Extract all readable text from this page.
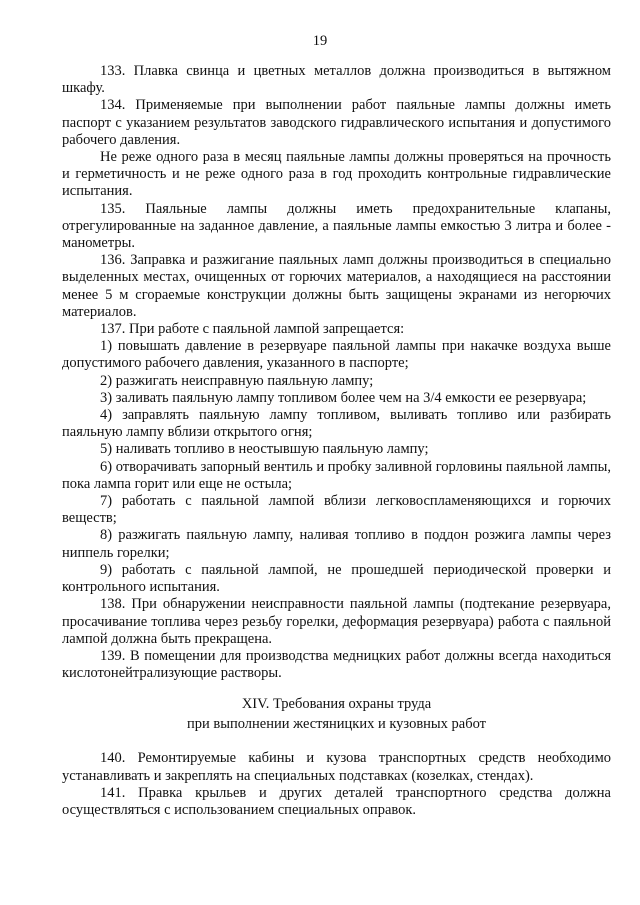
19

133. Плавка свинца и цветных металлов должна производиться в вытяжном шкафу.

134. Применяемые при выполнении работ паяльные лампы должны иметь паспорт с указанием результатов заводского гидравлического испытания и допустимого рабочего давления.

Не реже одного раза в месяц паяльные лампы должны проверяться на прочность и герметичность и не реже одного раза в год проходить контрольные гидравлические испытания.

135. Паяльные лампы должны иметь предохранительные клапаны, отрегулированные на заданное давление, а паяльные лампы емкостью 3 литра и более - манометры.

136. Заправка и разжигание паяльных ламп должны производиться в специально выделенных местах, очищенных от горючих материалов, а находящиеся на расстоянии менее 5 м сгораемые конструкции должны быть защищены экранами из негорючих материалов.

137. При работе с паяльной лампой запрещается:

1) повышать давление в резервуаре паяльной лампы при накачке воздуха выше допустимого рабочего давления, указанного в паспорте;

2) разжигать неисправную паяльную лампу;

3) заливать паяльную лампу топливом более чем на 3/4 емкости ее резервуара;

4) заправлять паяльную лампу топливом, выливать топливо или разбирать паяльную лампу вблизи открытого огня;

5) наливать топливо в неостывшую паяльную лампу;

6) отворачивать запорный вентиль и пробку заливной горловины паяльной лампы, пока лампа горит или еще не остыла;

7) работать с паяльной лампой вблизи легковоспламеняющихся и горючих веществ;

8) разжигать паяльную лампу, наливая топливо в поддон розжига лампы через ниппель горелки;

9) работать с паяльной лампой, не прошедшей периодической проверки и контрольного испытания.

138. При обнаружении неисправности паяльной лампы (подтекание резервуара, просачивание топлива через резьбу горелки, деформация резервуара) работа с паяльной лампой должна быть прекращена.

139. В помещении для производства медницких работ должны всегда находиться кислотонейтрализующие растворы.

XIV. Требования охраны труда
при выполнении жестяницких и кузовных работ

140. Ремонтируемые кабины и кузова транспортных средств необходимо устанавливать и закреплять на специальных подставках (козелках, стендах).

141. Правка крыльев и других деталей транспортного средства должна осуществляться с использованием специальных оправок.
